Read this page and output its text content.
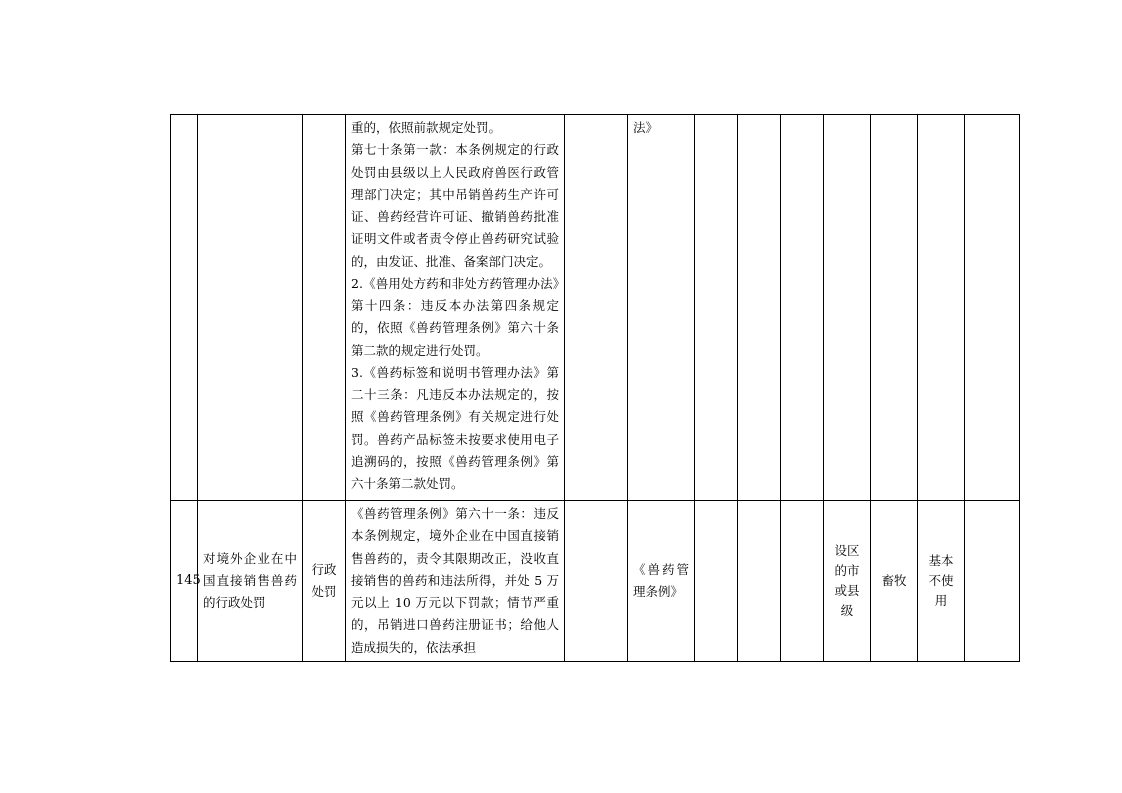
			重的，依照前款规定处罚。

第七十条第一款：本条例规定的行政处罚由县级以上人民政府兽医行政管理部门决定；其中吊销兽药生产许可证、兽药经营许可证、撤销兽药批准证明文件或者责令停止兽药研究试验的，由发证、批准、备案部门决定。

2.《兽用处方药和非处方药管理办法》第十四条：违反本办法第四条规定的，依照《兽药管理条例》第六十条第二款的规定进行处罚。

3.《兽药标签和说明书管理办法》第二十三条：凡违反本办法规定的，按照《兽药管理条例》有关规定进行处罚。兽药产品标签未按要求使用电子追溯码的，按照《兽药管理条例》第六十条第二款处罚。		法》							

145	对境外企业在中国直接销售兽药的行政处罚	行政处罚	《兽药管理条例》第六十一条：违反本条例规定，境外企业在中国直接销售兽药的，责令其限期改正，没收直接销售的兽药和违法所得，并处 5 万元以上 10 万元以下罚款；情节严重的，吊销进口兽药注册证书；给他人造成损失的，依法承担		《兽药管理条例》				设区的市或县级	畜牧	基本不使用	
